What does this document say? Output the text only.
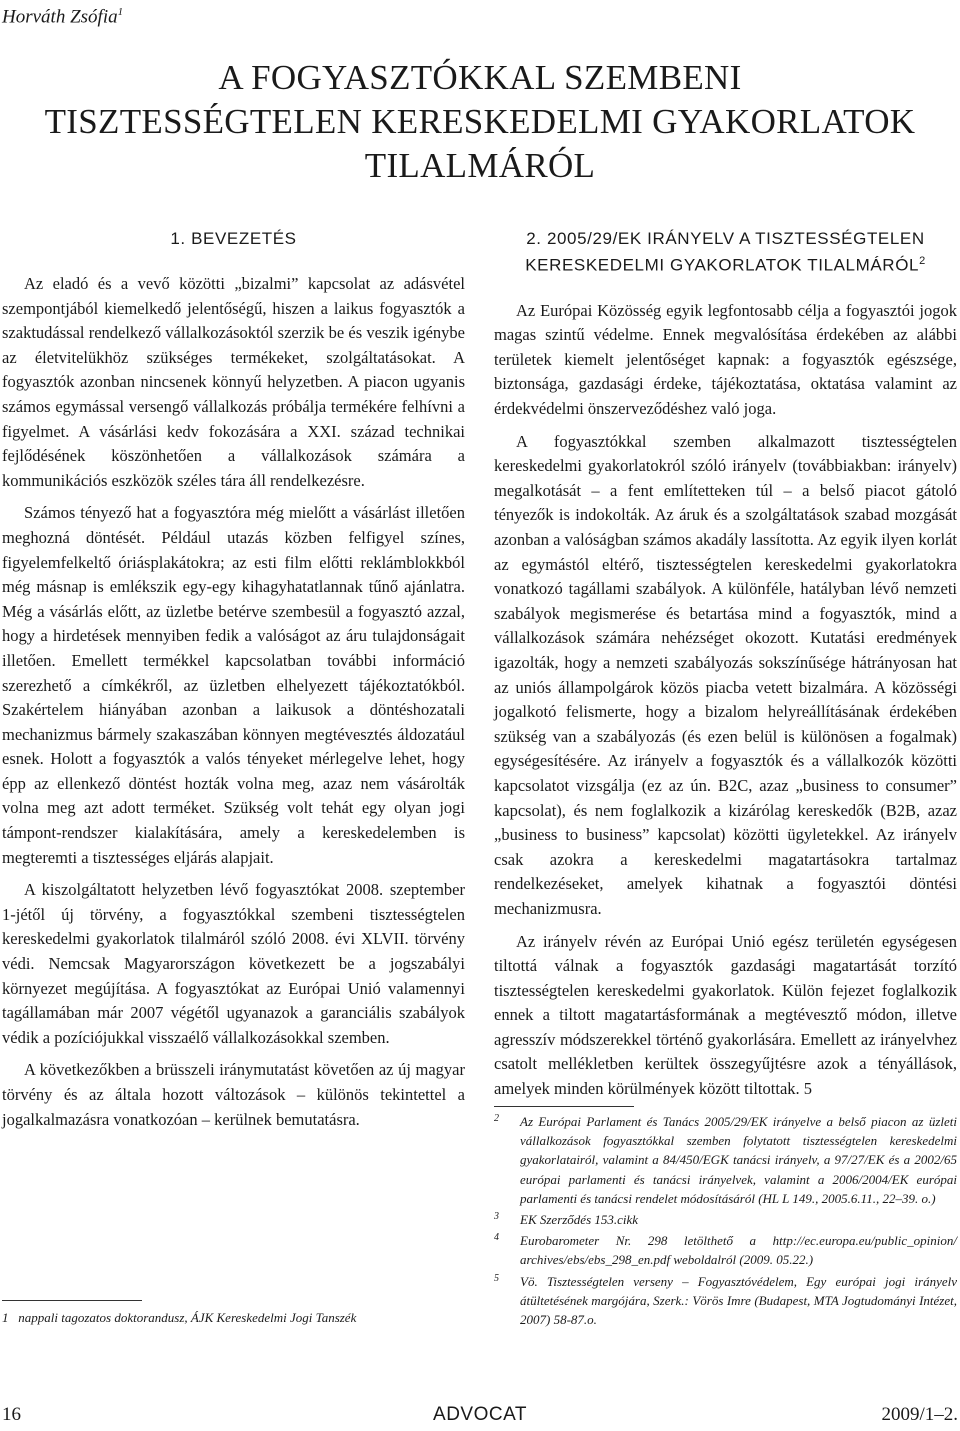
Horváth Zsófia$^1$
A FOGYASZTÓKKAL SZEMBENI
TISZTESSÉGTELEN KERESKEDELMI GYAKORLATOK
TILALMÁRÓL
1. BEVEZETÉS

Az eladó és a vevő közötti „bizalmi” kapcsolat az adásvétel szempontjából kiemelkedő jelentőségű, hiszen a laikus fogyasztók a szaktudással rendelkező vállalkozásoktól szerzik be és veszik igénybe az életvitelükhöz szükséges termékeket, szolgáltatásokat. A fogyasztók azonban nincsenek könnyű helyzetben. A piacon ugyanis számos egymással versengő vállalkozás próbálja termékére felhívni a figyelmet. A vásárlási kedv fokozására a XXI. század technikai fejlődésének köszönhetően a vállalkozások számára a kommunikációs eszközök széles tára áll rendelkezésre.

Számos tényező hat a fogyasztóra még mielőtt a vásárlást illetően meghozná döntését. Például utazás közben felfigyel színes, figyelemfelkeltő óriásplakátokra; az esti film előtti reklámblokkból még másnap is emlékszik egy-egy kihagyhatatlannak tűnő ajánlatra. Még a vásárlás előtt, az üzletbe betérve szembesül a fogyasztó azzal, hogy a hirdetések mennyiben fedik a valóságot az áru tulajdonságait illetően. Emellett termékkel kapcsolatban további információ szerezhető a címkékről, az üzletben elhelyezett tájékoztatókból. Szakértelem hiányában azonban a laikusok a döntéshozatali mechanizmus bármely szakaszában könnyen megtévesztés áldozatául esnek. Holott a fogyasztók a valós tényeket mérlegelve lehet, hogy épp az ellenkező döntést hozták volna meg, azaz nem vásárolták volna meg azt adott terméket. Szükség volt tehát egy olyan jogi támpont-rendszer kialakítására, amely a kereskedelemben is megteremti a tisztességes eljárás alapjait.

A kiszolgáltatott helyzetben lévő fogyasztókat 2008. szeptember 1-jétől új törvény, a fogyasztókkal szembeni tisztességtelen kereskedelmi gyakorlatok tilalmáról szóló 2008. évi XLVII. törvény védi. Nemcsak Magyarországon következett be a jogszabályi környezet megújítása. A fogyasztókat az Európai Unió valamennyi tagállamában már 2007 végétől ugyanazok a garanciális szabályok védik a pozíciójukkal visszaélő vállalkozásokkal szemben.

A következőkben a brüsszeli iránymutatást követően az új magyar törvény és az általa hozott változások – különös tekintettel a jogalkalmazásra vonatkozóan – kerülnek bemutatásra.

1 nappali tagozatos doktorandusz, ÁJK Kereskedelmi Jogi Tanszék
2. 2005/29/EK IRÁNYELV A TISZTESSÉGTELEN
KERESKEDELMI GYAKORLATOK TILALMÁRÓL$^2$

Az Európai Közösség egyik legfontosabb célja a fogyasztói jogok magas szintű védelme. Ennek megvalósítása érdekében az alábbi területek kiemelt jelentőséget kapnak: a fogyasztók egészsége, biztonsága, gazdasági érdeke, tájékoztatása, oktatása valamint az érdekvédelmi önszerveződéshez való joga.

A fogyasztókkal szemben alkalmazott tisztességtelen kereskedelmi gyakorlatokról szóló irányelv (továbbiakban: irányelv) megalkotását – a fent említetteken túl – a belső piacot gátoló tényezők is indokolták. Az áruk és a szolgáltatások szabad mozgását azonban a valóságban számos akadály lassította. Az egyik ilyen korlát az egymástól eltérő, tisztességtelen kereskedelmi gyakorlatokra vonatkozó tagállami szabályok. A különféle, hatályban lévő nemzeti szabályok megismerése és betartása mind a fogyasztók, mind a vállalkozások számára nehézséget okozott. Kutatási eredmények igazolták, hogy a nemzeti szabályozás sokszínűsége hátrányosan hat az uniós állampolgárok közös piacba vetett bizalmára. A közösségi jogalkotó felismerte, hogy a bizalom helyreállításának érdekében szükség van a szabályozás (és ezen belül is különösen a fogalmak) egységesítésére. Az irányelv a fogyasztók és a vállalkozók közötti kapcsolatot vizsgálja (ez az ún. B2C, azaz „business to consumer” kapcsolat), és nem foglalkozik a kizárólag kereskedők (B2B, azaz „business to business” kapcsolat) közötti ügyletekkel. Az irányelv csak azokra a kereskedelmi magatartásokra tartalmaz rendelkezéseket, amelyek kihatnak a fogyasztói döntési mechanizmusra.

Az irányelv révén az Európai Unió egész területén egységesen tiltottá válnak a fogyasztók gazdasági magatartását torzító tisztességtelen kereskedelmi gyakorlatok. Külön fejezet foglalkozik ennek a tiltott magatartásformának a megtévesztő módon, illetve agresszív módszerekkel történő gyakorlására. Emellett az irányelvhez csatolt mellékletben kerültek összegyűjtésre azok a tényállások, amelyek minden körülmények között tiltottak. 5

2	Az Európai Parlament és Tanács 2005/29/EK irányelve a belső piacon az üzleti vállalkozások fogyasztókkal szemben folytatott tisztességtelen kereskedelmi gyakorlatairól, valamint a 84/450/EGK tanácsi irányelv, a 97/27/EK és a 2002/65 európai parlamenti és tanácsi irányelvek, valamint a 2006/2004/EK európai parlamenti és tanácsi rendelet módosításáról (HL L 149., 2005.6.11., 22–39. o.)
3	EK Szerződés 153.cikk
4	Eurobarometer Nr. 298 letölthető a http://ec.europa.eu/public_opinion/ archives/ebs/ebs_298_en.pdf weboldalról (2009. 05.22.)
5	Vö. Tisztességtelen verseny – Fogyasztóvédelem, Egy európai jogi irányelv átültetésének margójára, Szerk.: Vörös Imre (Budapest, MTA Jogtudományi Intézet, 2007) 58-87.o.
16	ADVOCAT	2009/1–2.
